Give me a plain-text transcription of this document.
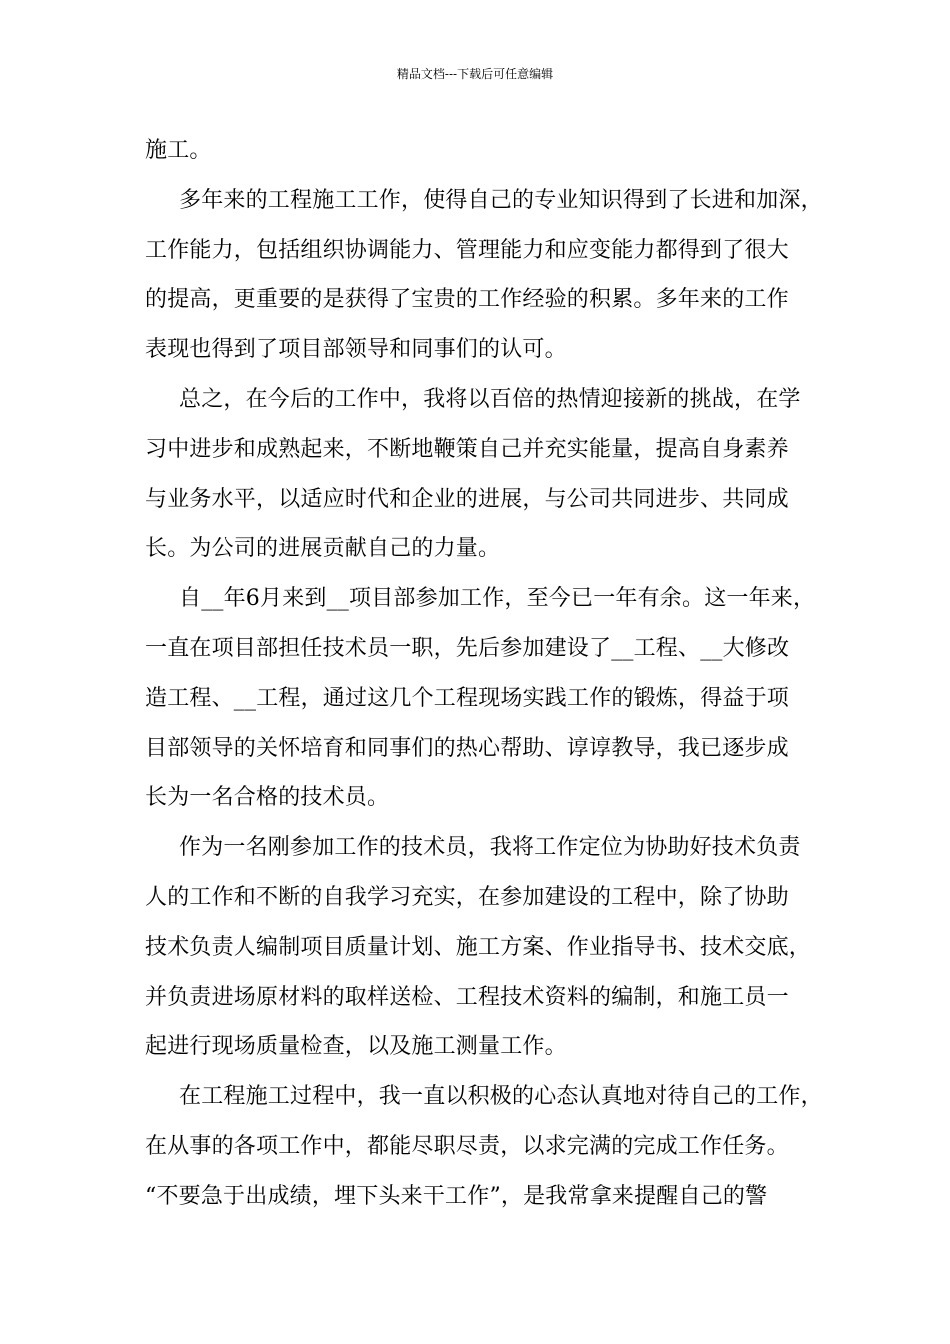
精品文档---下载后可任意编辑
施工。
多年来的工程施工工作，使得自己的专业知识得到了长进和加深，
工作能力，包括组织协调能力、管理能力和应变能力都得到了很大
的提高，更重要的是获得了宝贵的工作经验的积累。多年来的工作
表现也得到了项目部领导和同事们的认可。
总之，在今后的工作中，我将以百倍的热情迎接新的挑战，在学
习中进步和成熟起来，不断地鞭策自己并充实能量，提高自身素养
与业务水平，以适应时代和企业的进展，与公司共同进步、共同成
长。为公司的进展贡献自己的力量。
自__年6月来到__项目部参加工作，至今已一年有余。这一年来，
一直在项目部担任技术员一职，先后参加建设了__工程、__大修改
造工程、__工程，通过这几个工程现场实践工作的锻炼，得益于项
目部领导的关怀培育和同事们的热心帮助、谆谆教导，我已逐步成
长为一名合格的技术员。
作为一名刚参加工作的技术员，我将工作定位为协助好技术负责
人的工作和不断的自我学习充实，在参加建设的工程中，除了协助
技术负责人编制项目质量计划、施工方案、作业指导书、技术交底，
并负责进场原材料的取样送检、工程技术资料的编制，和施工员一
起进行现场质量检查，以及施工测量工作。
在工程施工过程中，我一直以积极的心态认真地对待自己的工作，
在从事的各项工作中，都能尽职尽责，以求完满的完成工作任务。
“不要急于出成绩，埋下头来干工作”，是我常拿来提醒自己的警
